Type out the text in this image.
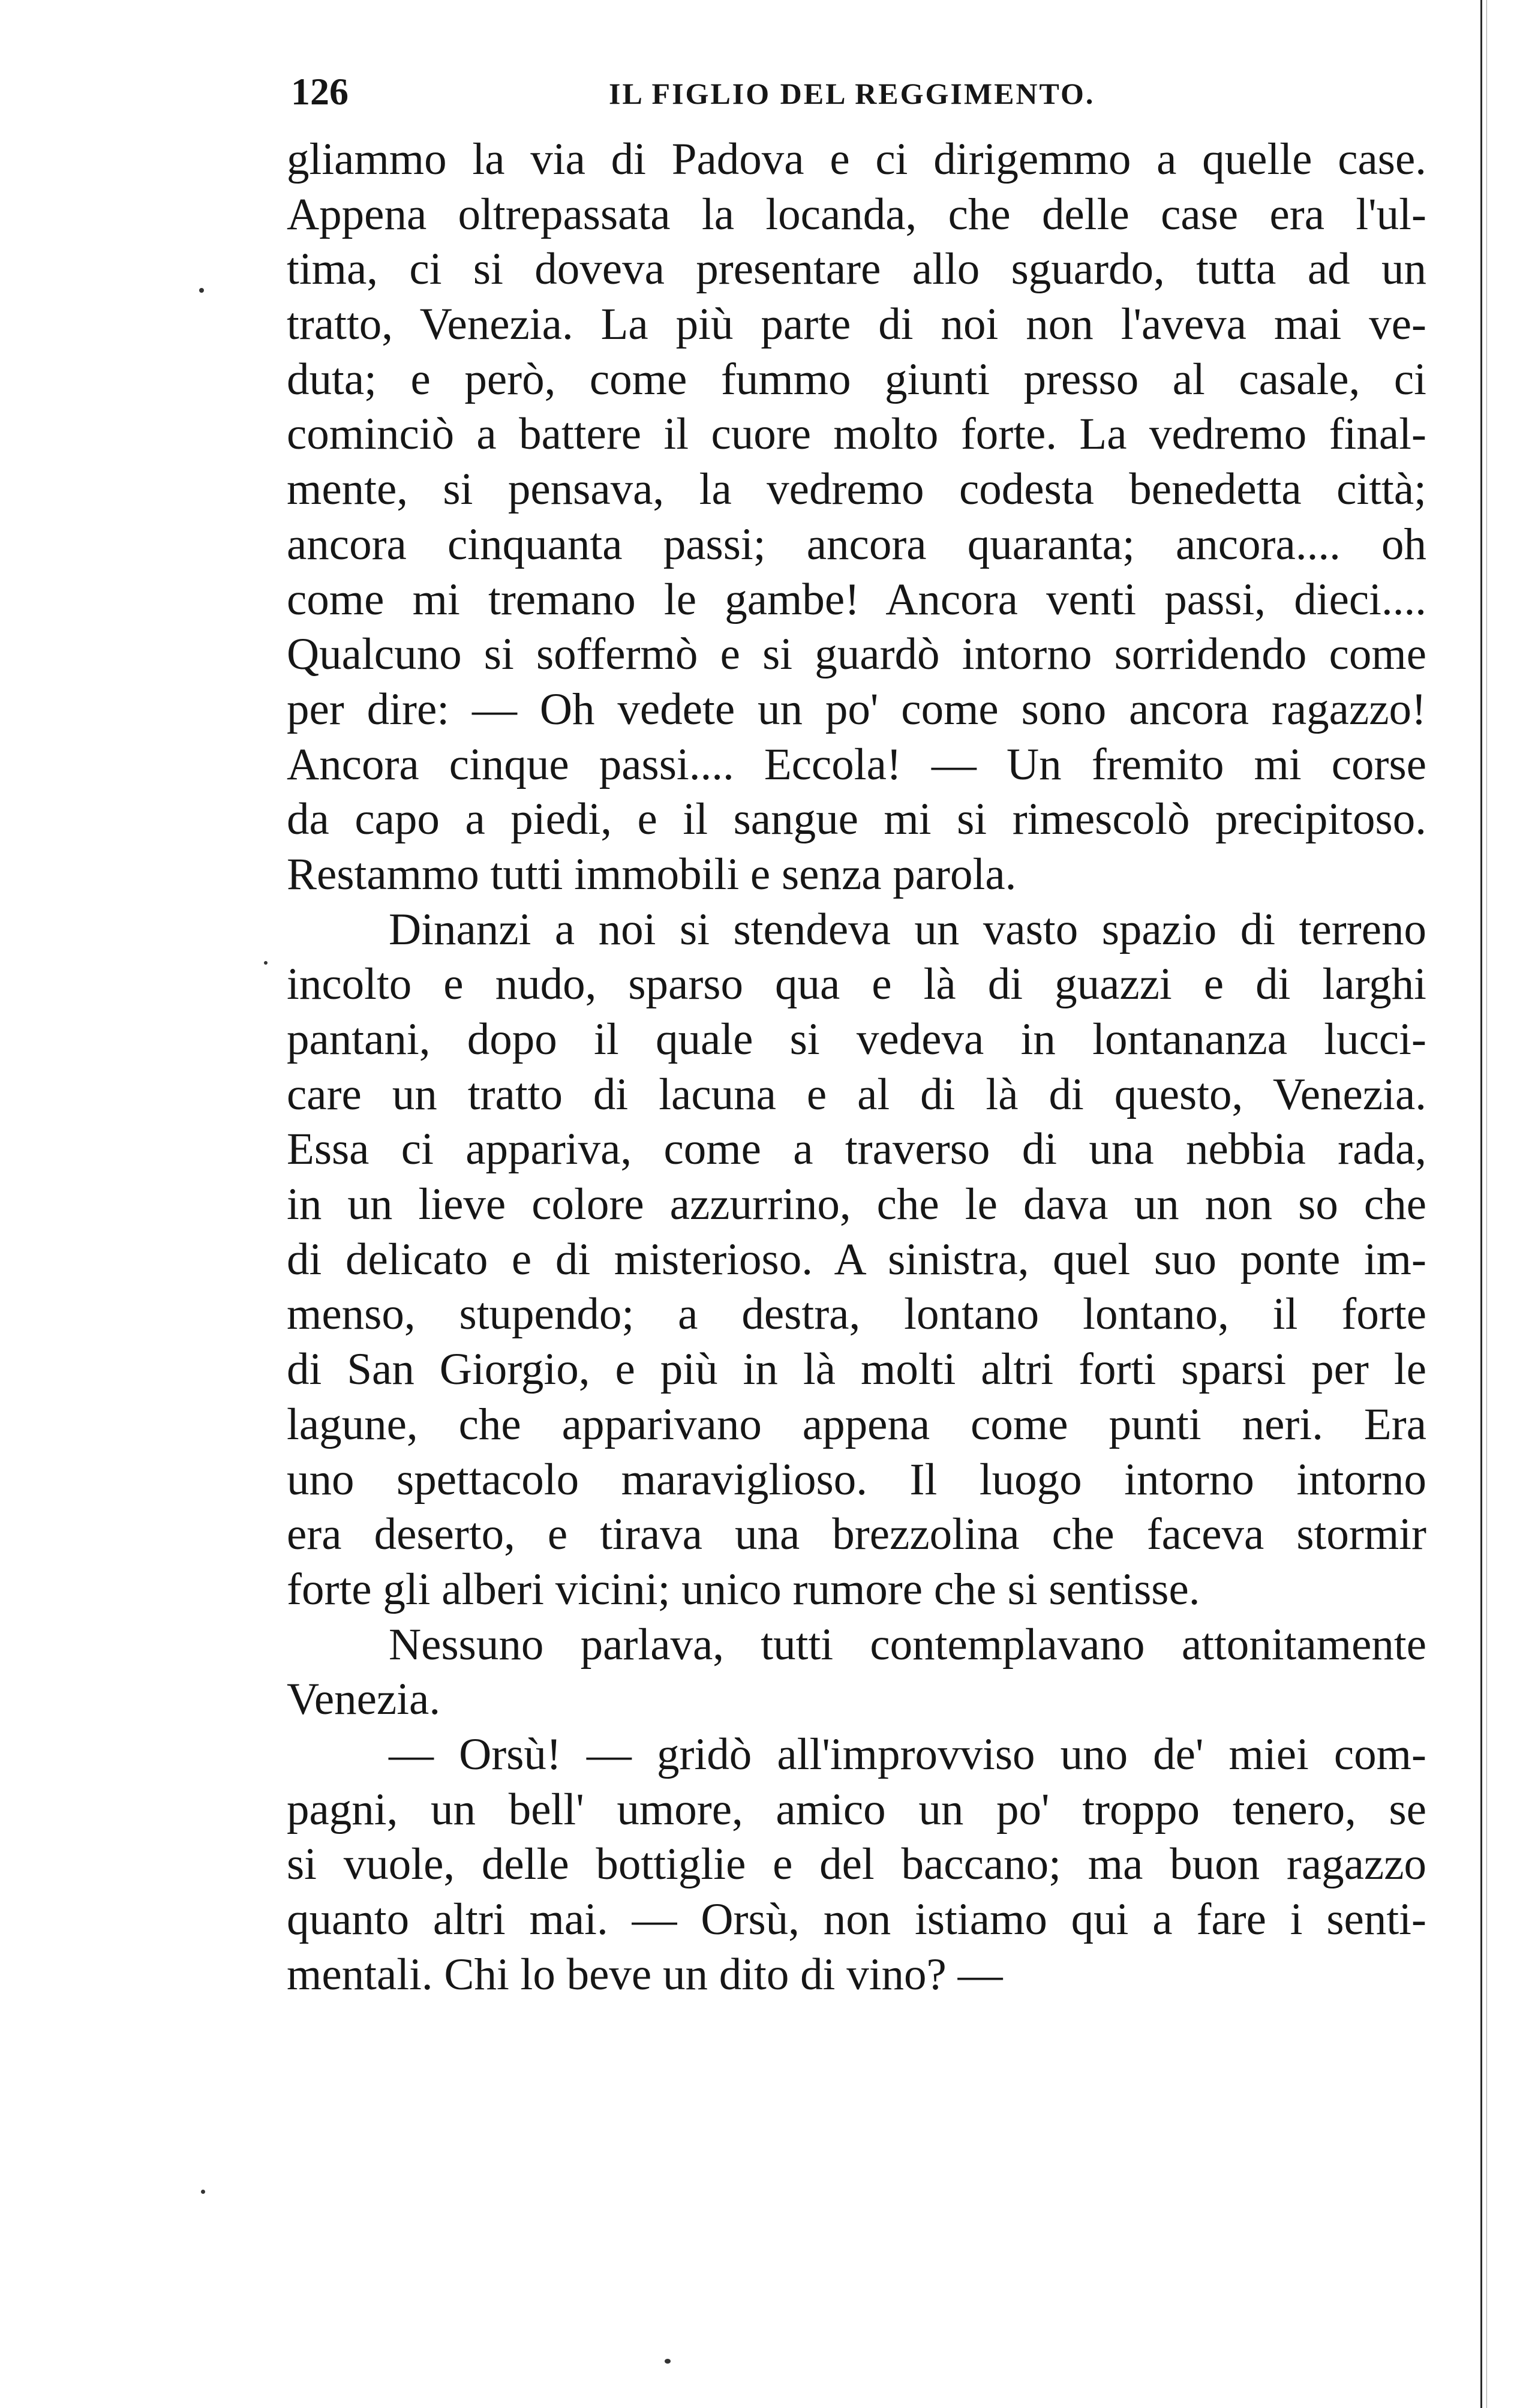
126	IL FIGLIO DEL REGGIMENTO.
gliammo la via di Padova e ci dirigemmo a quelle case.
Appena oltrepassata la locanda, che delle case era l'ul-
tima, ci si doveva presentare allo sguardo, tutta ad un
tratto, Venezia. La più parte di noi non l'aveva mai ve-
duta; e però, come fummo giunti presso al casale, ci
cominciò a battere il cuore molto forte. La vedremo final-
mente, si pensava, la vedremo codesta benedetta città;
ancora cinquanta passi; ancora quaranta; ancora.... oh
come mi tremano le gambe! Ancora venti passi, dieci....
Qualcuno si soffermò e si guardò intorno sorridendo come
per dire: — Oh vedete un po' come sono ancora ragazzo!
Ancora cinque passi.... Eccola! — Un fremito mi corse
da capo a piedi, e il sangue mi si rimescolò precipitoso.
Restammo tutti immobili e senza parola.
Dinanzi a noi si stendeva un vasto spazio di terreno
incolto e nudo, sparso qua e là di guazzi e di larghi
pantani, dopo il quale si vedeva in lontananza lucci-
care un tratto di lacuna e al di là di questo, Venezia.
Essa ci appariva, come a traverso di una nebbia rada,
in un lieve colore azzurrino, che le dava un non so che
di delicato e di misterioso. A sinistra, quel suo ponte im-
menso, stupendo; a destra, lontano lontano, il forte
di San Giorgio, e più in là molti altri forti sparsi per le
lagune, che apparivano appena come punti neri. Era
uno spettacolo maraviglioso. Il luogo intorno intorno
era deserto, e tirava una brezzolina che faceva stormir
forte gli alberi vicini; unico rumore che si sentisse.
Nessuno parlava, tutti contemplavano attonitamente
Venezia.
— Orsù! — gridò all'improvviso uno de' miei com-
pagni, un bell' umore, amico un po' troppo tenero, se
si vuole, delle bottiglie e del baccano; ma buon ragazzo
quanto altri mai. — Orsù, non istiamo qui a fare i senti-
mentali. Chi lo beve un dito di vino? —
